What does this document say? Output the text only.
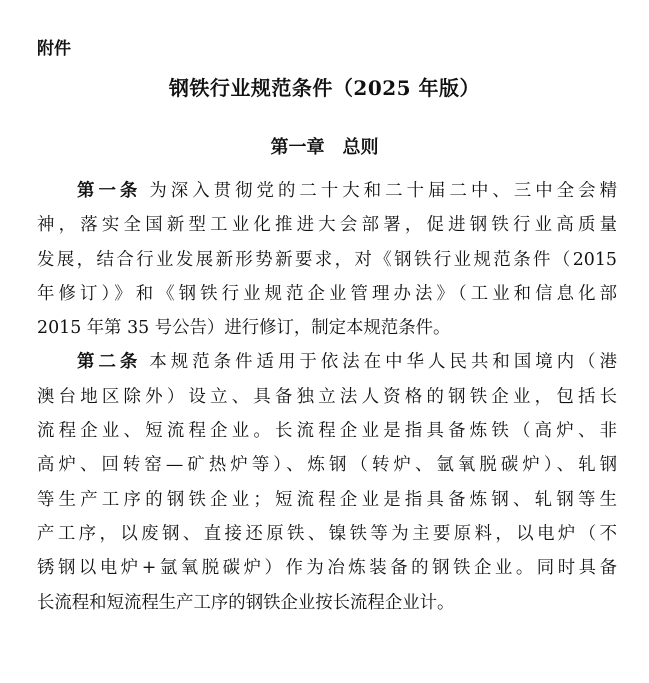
附件
钢铁行业规范条件（2025 年版）
第一章　总则
第一条 为深入贯彻党的二十大和二十届二中、三中全会精
神，落实全国新型工业化推进大会部署，促进钢铁行业高质量
发展，结合行业发展新形势新要求，对《钢铁行业规范条件（2015
年修订）》和《钢铁行业规范企业管理办法》（工业和信息化部
2015 年第 35 号公告）进行修订，制定本规范条件。
第二条 本规范条件适用于依法在中华人民共和国境内（港
澳台地区除外）设立、具备独立法人资格的钢铁企业，包括长
流程企业、短流程企业。长流程企业是指具备炼铁（高炉、非
高炉、回转窑—矿热炉等）、炼钢（转炉、氩氧脱碳炉）、轧钢
等生产工序的钢铁企业；短流程企业是指具备炼钢、轧钢等生
产工序，以废钢、直接还原铁、镍铁等为主要原料，以电炉（不
锈钢以电炉+氩氧脱碳炉）作为冶炼装备的钢铁企业。同时具备
长流程和短流程生产工序的钢铁企业按长流程企业计。
